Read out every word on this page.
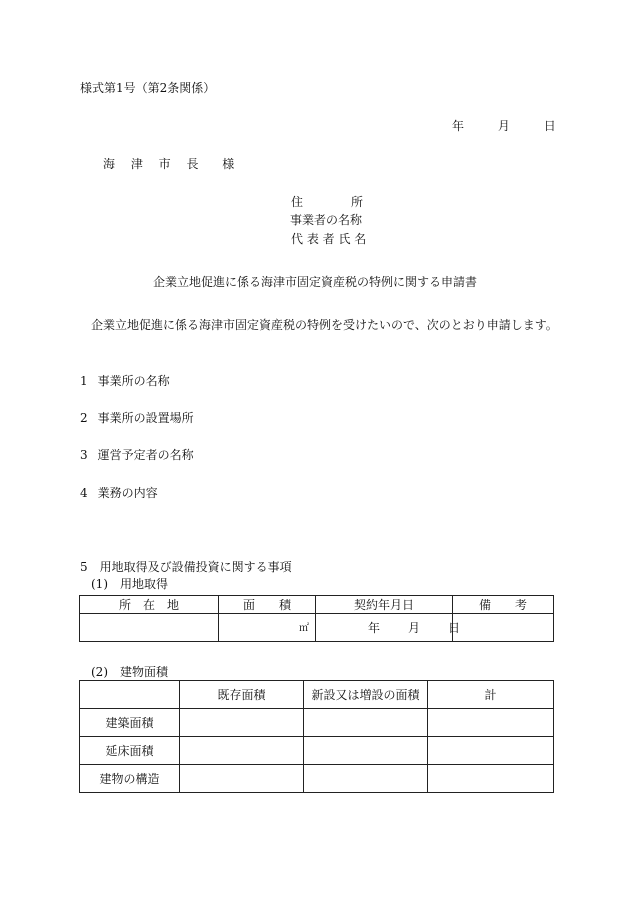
様式第1号（第2条関係）
年	月	日
海 津 市 長 様
住　　　　所
事業者の名称
代 表 者 氏 名
企業立地促進に係る海津市固定資産税の特例に関する申請書
企業立地促進に係る海津市固定資産税の特例を受けたいので、次のとおり申請します。
1 事業所の名称
2 事業所の設置場所
3 運営予定者の名称
4 業務の内容
5　用地取得及び設備投資に関する事項
(1)　用地取得
所　在　地	面　　積	契約年月日	備　　考
	㎡	年 月 日	
(2)　建物面積
	既存面積	新設又は増設の面積	計
建築面積			
延床面積			
建物の構造			
